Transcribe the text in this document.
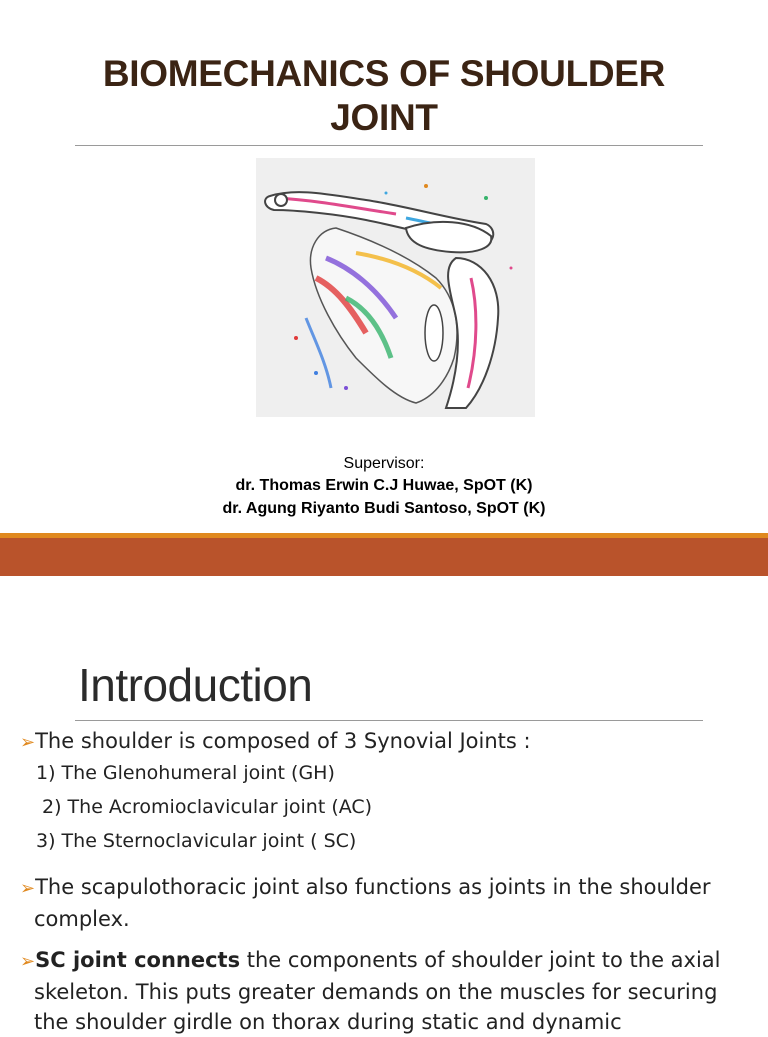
BIOMECHANICS OF SHOULDER
JOINT
Supervisor:
dr. Thomas Erwin C.J Huwae, SpOT (K)
dr. Agung Riyanto Budi Santoso, SpOT (K)
Introduction
➢The shoulder is composed of 3 Synovial Joints :
1) The Glenohumeral joint (GH)
2) The Acromioclavicular joint (AC)
3) The Sternoclavicular joint ( SC)
➢The scapulothoracic joint also functions as joints in the shoulder
complex.
➢SC joint connects the components of shoulder joint to the axial
skeleton. This puts greater demands on the muscles for securing
the shoulder girdle on thorax during static and dynamic
